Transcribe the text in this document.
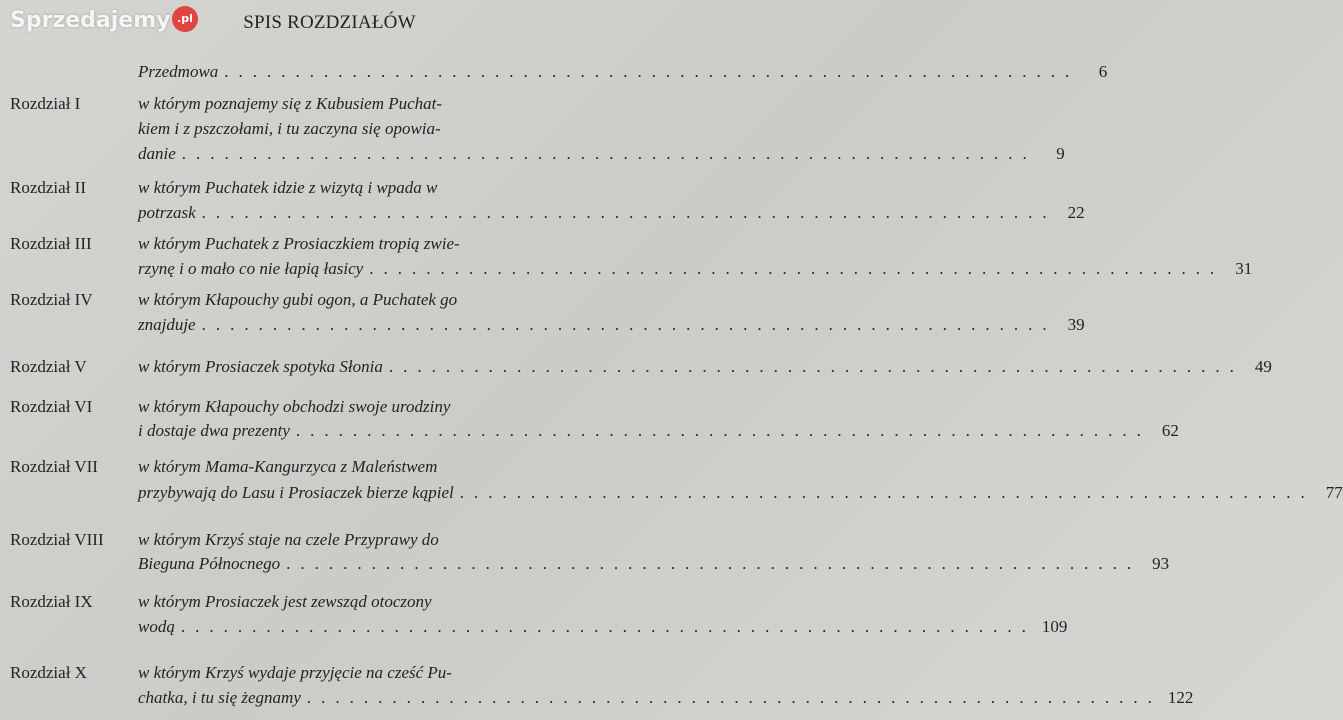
SPIS ROZDZIAŁÓW
Przedmowa ............................................................	6
Rozdział I	w którym poznajemy się z Kubusiem Puchat-
kiem i z pszczołami, i tu zaczyna się opowia-
danie ............................................................	9
Rozdział II	w którym Puchatek idzie z wizytą i wpada w
potrzask ............................................................ 22
Rozdział III	w którym Puchatek z Prosiaczkiem tropią zwie-
rzynę i o mało co nie łapią łasicy ............................................................ 31
Rozdział IV	w którym Kłapouchy gubi ogon, a Puchatek go
znajduje ............................................................ 39
Rozdział V	w którym Prosiaczek spotyka Słonia ............................................................ 49
Rozdział VI	w którym Kłapouchy obchodzi swoje urodziny
i dostaje dwa prezenty ............................................................ 62
Rozdział VII w którym Mama-Kangurzyca z Maleństwem
przybywają do Lasu i Prosiaczek bierze kąpiel ............................................................ 77
Rozdział VIII w którym Krzyś staje na czele Przyprawy do
Bieguna Północnego ............................................................ 93
Rozdział IX	w którym Prosiaczek jest zewsząd otoczony
wodą ............................................................ 109
Rozdział X	w którym Krzyś wydaje przyjęcie na cześć Pu-
chatka, i tu się żegnamy ............................................................ 122
Sprzedajemy .pl
